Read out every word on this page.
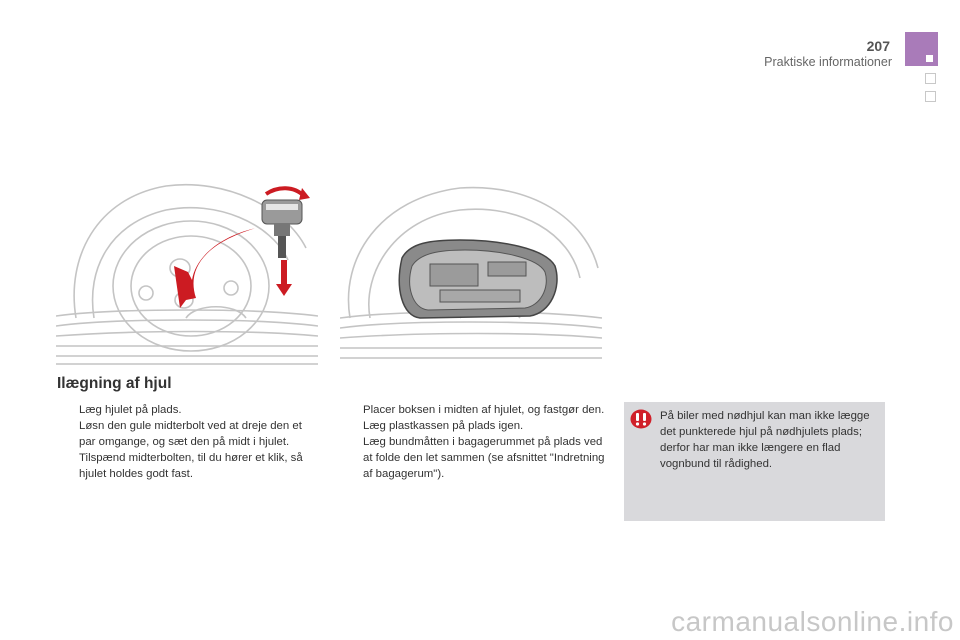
207
Praktiske informationer
Ilægning af hjul
Læg hjulet på plads.
Løsn den gule midterbolt ved at dreje den et par omgange, og sæt den på midt i hjulet.
Tilspænd midterbolten, til du hører et klik, så hjulet holdes godt fast.
Placer boksen i midten af hjulet, og fastgør den.
Læg plastkassen på plads igen.
Læg bundmåtten i bagagerummet på plads ved at folde den let sammen (se afsnittet "Indretning af bagagerum").
På biler med nødhjul kan man ikke lægge det punkterede hjul på nødhjulets plads; derfor har man ikke længere en flad vognbund til rådighed.
carmanualsonline.info
